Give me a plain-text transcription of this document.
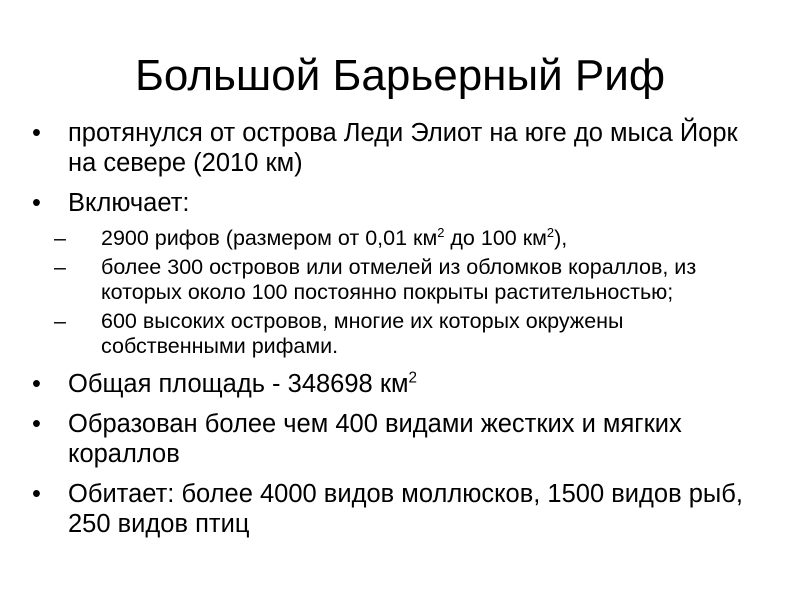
Большой Барьерный Риф
•	протянулся от острова Леди Элиот на юге до мыса Йорк на севере (2010 км)
•	Включает:
–	2900 рифов (размером от 0,01 $км^2$ до 100 $км^2$),
–	более 300 островов или отмелей из обломков кораллов, из которых около 100 постоянно покрыты растительностью;
–	600 высоких островов, многие их которых окружены собственными рифами.
•	Общая площадь - 348698 $км^2$
•	Образован более чем 400 видами жестких и мягких кораллов
•	Обитает: более 4000 видов моллюсков, 1500 видов рыб, 250 видов птиц
